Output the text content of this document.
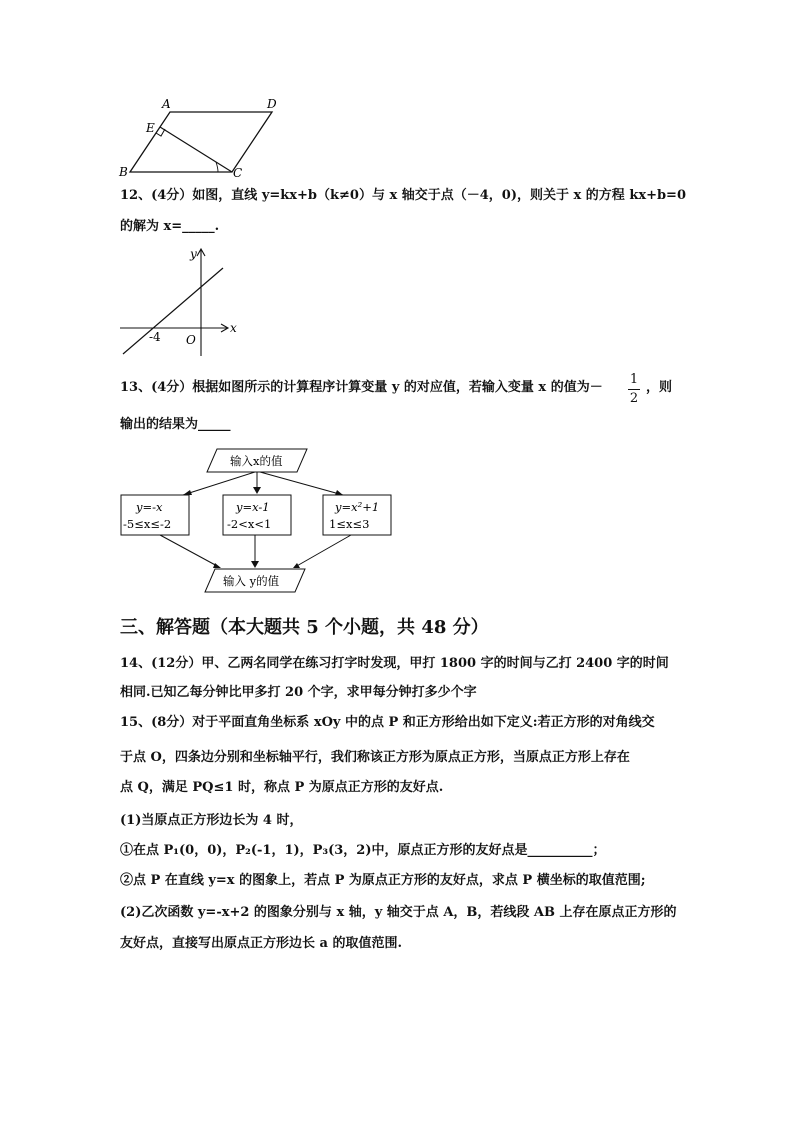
A	D
E
B	C
12、(4分）如图，直线 y=kx+b（k≠0）与 x 轴交于点（－4，0)，则关于 x 的方程 kx+b=0
的解为 x=_____.
y
x
O
-4
13、(4分）根据如图所示的计算程序计算变量 y 的对应值，若输入变量 x 的值为－
1
2
，则
输出的结果为_____
输入x的值
y=-x
-5≤x≤-2
y=x-1
-2<x<1
y=x²+1
1≤x≤3
输入 y的值
三、解答题（本大题共 5 个小题，共 48 分）
14、(12分）甲、乙两名同学在练习打字时发现，甲打 1800 字的时间与乙打 2400 字的时间
相同.已知乙每分钟比甲多打 20 个字，求甲每分钟打多少个字
15、(8分）对于平面直角坐标系 xOy 中的点 P 和正方形给出如下定义:若正方形的对角线交
于点 O，四条边分别和坐标轴平行，我们称该正方形为原点正方形，当原点正方形上存在
点 Q，满足 PQ≤1 时，称点 P 为原点正方形的友好点.
(1)当原点正方形边长为 4 时，
①在点 P₁(0，0)，P₂(-1，1)，P₃(3，2)中，原点正方形的友好点是__________；
②点 P 在直线 y=x 的图象上，若点 P 为原点正方形的友好点，求点 P 横坐标的取值范围;
(2)乙次函数 y=-x+2 的图象分别与 x 轴，y 轴交于点 A，B，若线段 AB 上存在原点正方形的
友好点，直接写出原点正方形边长 a 的取值范围.
